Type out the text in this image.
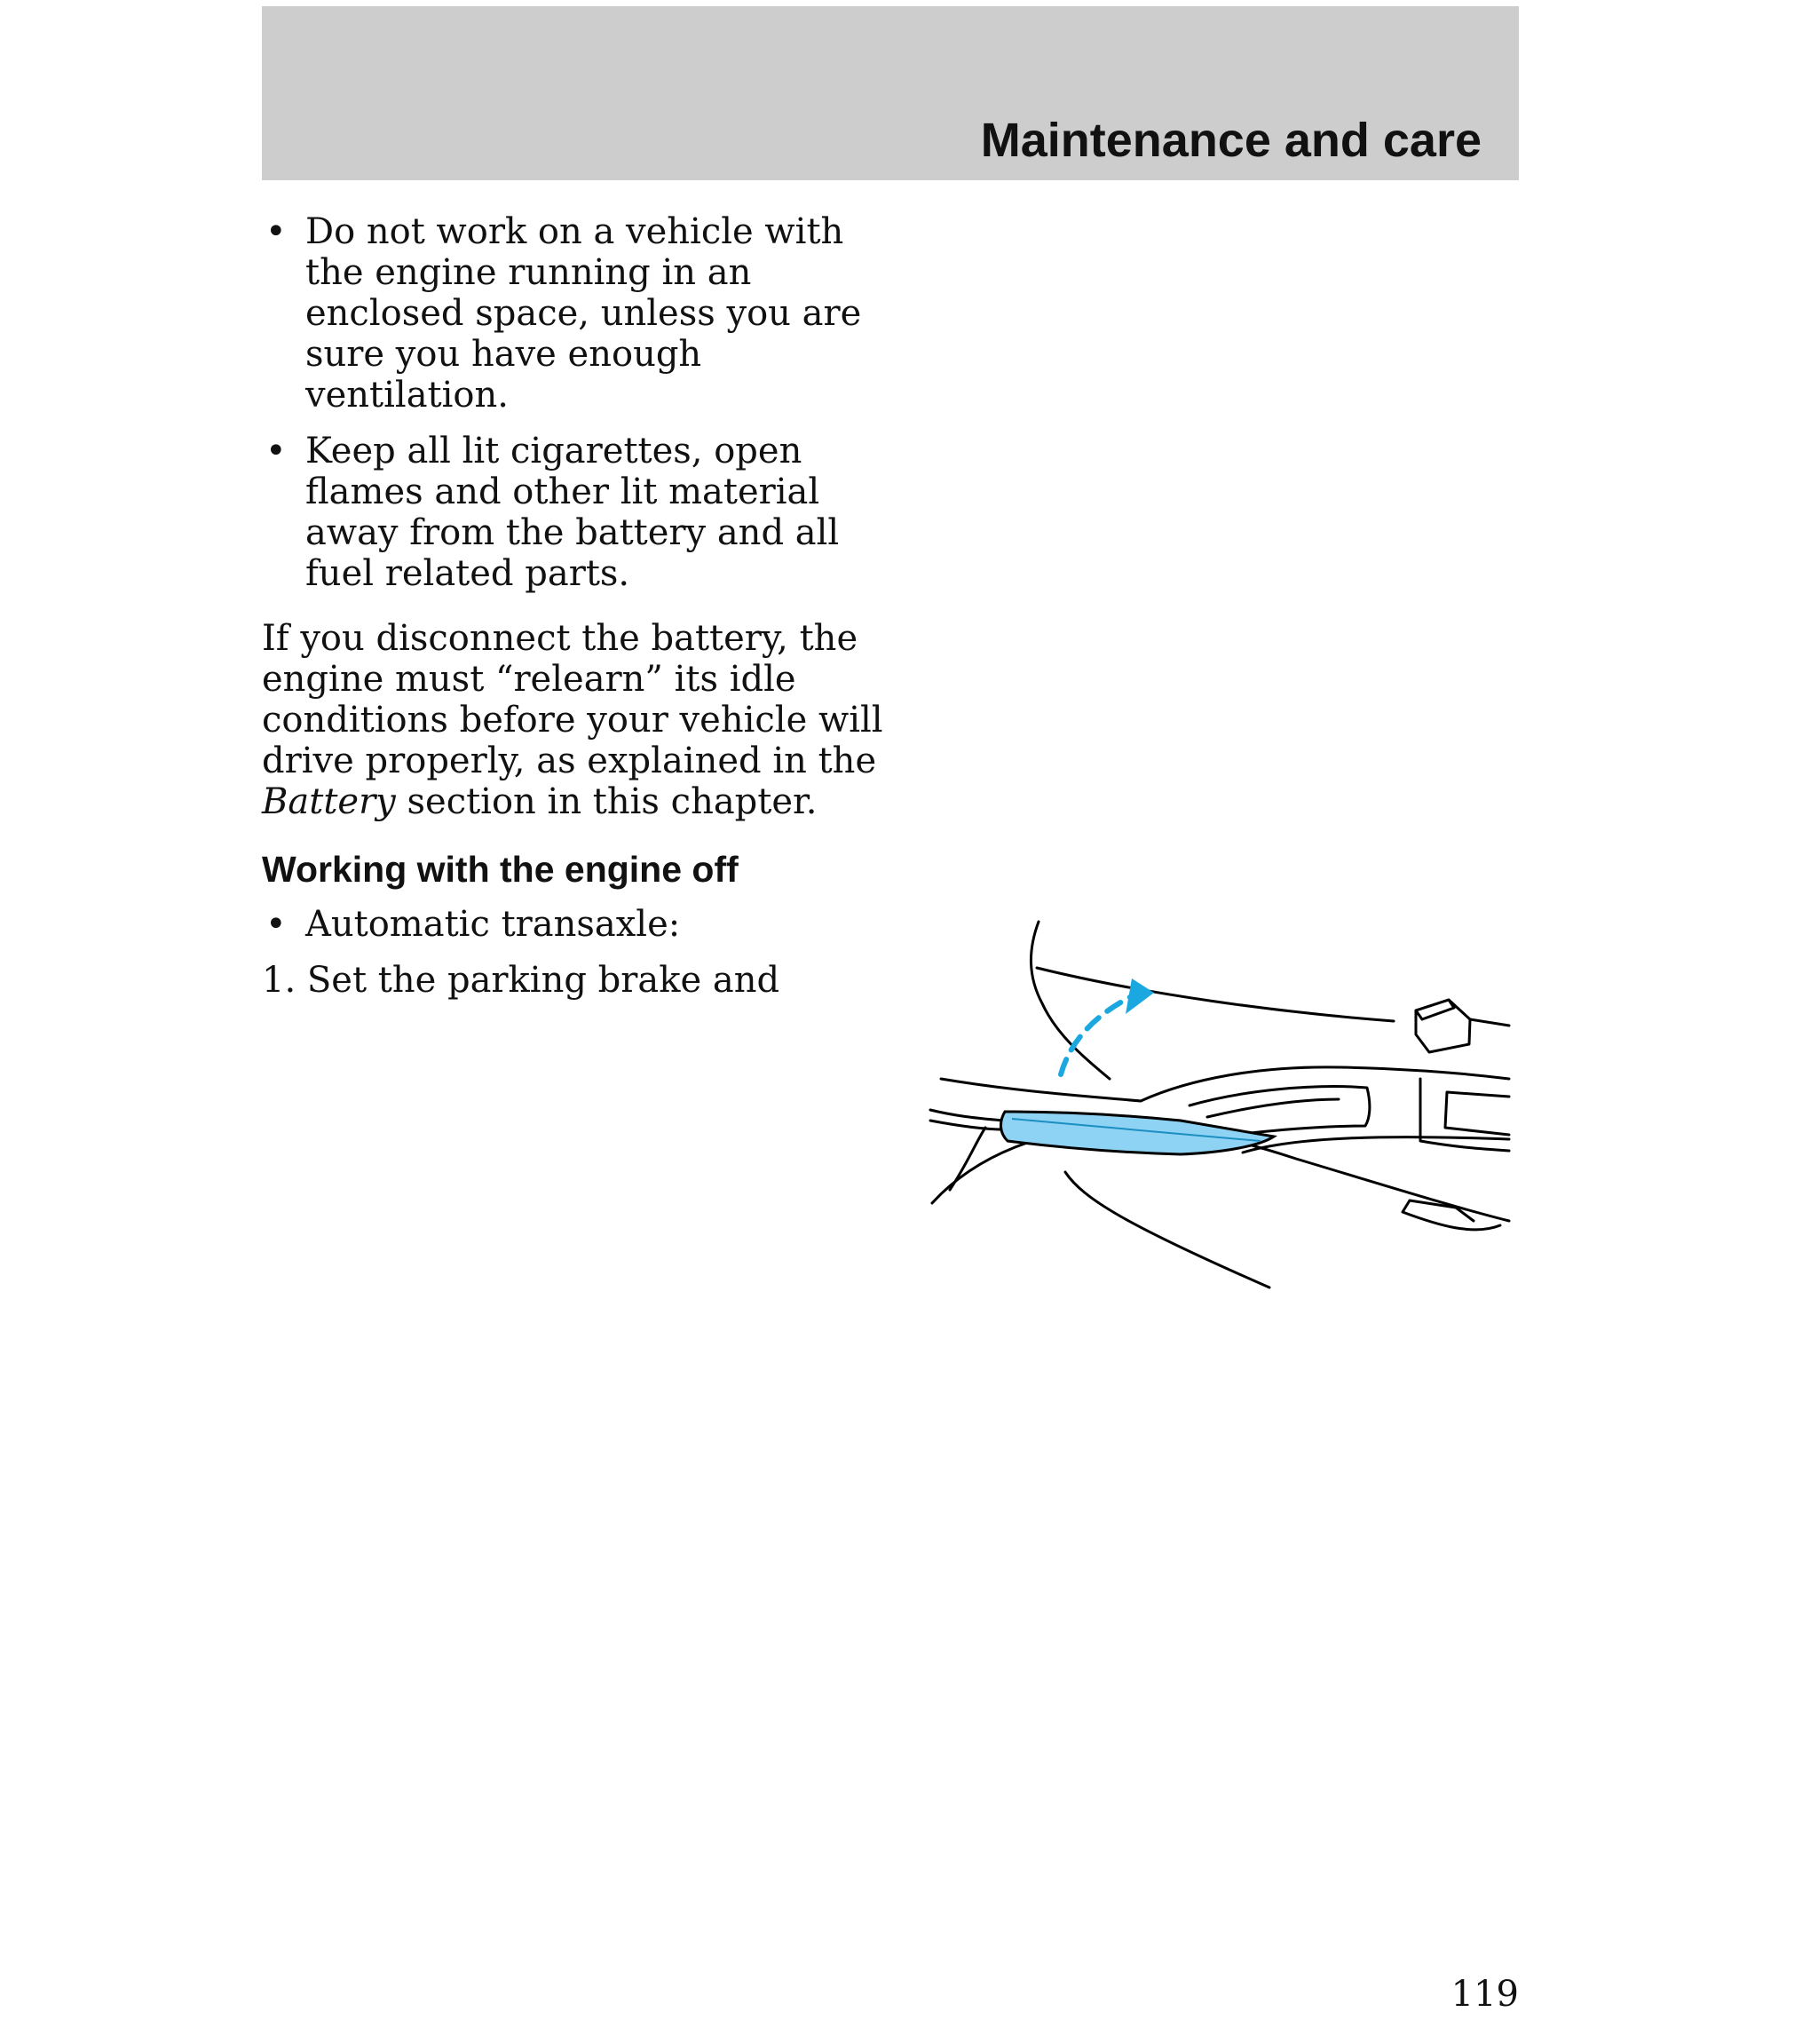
Maintenance and care
• Do not work on a vehicle with the engine running in an enclosed space, unless you are sure you have enough ventilation.
• Keep all lit cigarettes, open flames and other lit material away from the battery and all fuel related parts.

If you disconnect the battery, the engine must “relearn” its idle conditions before your vehicle will drive properly, as explained in the Battery section in this chapter.

Working with the engine off
• Automatic transaxle:
1. Set the parking brake and
119
